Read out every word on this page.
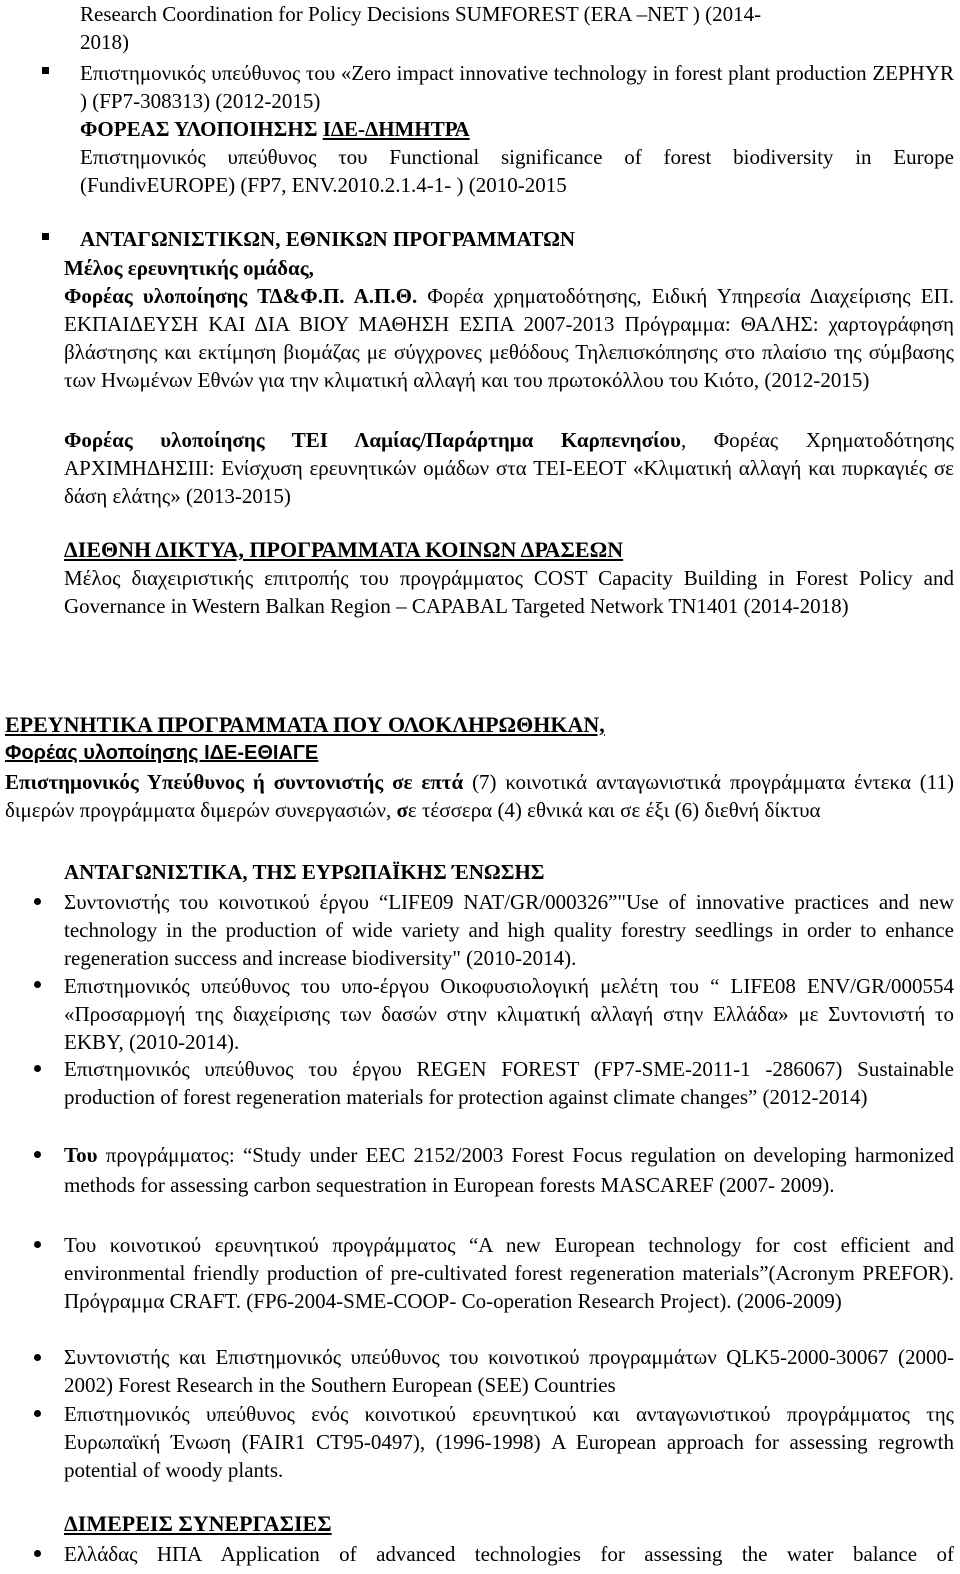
Research Coordination for Policy Decisions SUMFOREST (ERA –NET ) (2014-
2018)
Επιστημονικός υπεύθυνος του «Zero impact innovative technology in forest plant production ZEPHYR ) (FP7-308313) (2012-2015)
ΦΟΡΕΑΣ ΥΛΟΠΟΙΗΣΗΣ ΙΔΕ-ΔΗΜΗΤΡΑ
Επιστημονικός υπεύθυνος του Functional significance of forest biodiversity in Europe (FundivEUROPE) (FP7, ENV.2010.2.1.4-1- ) (2010-2015
ΑΝΤΑΓΩΝΙΣΤΙΚΩΝ, ΕΘΝΙΚΩΝ ΠΡΟΓΡΑΜΜΑΤΩΝ
Μέλος ερευνητικής ομάδας,
Φορέας υλοποίησης ΤΔ&Φ.Π. Α.Π.Θ. Φορέα χρηματοδότησης, Ειδική Υπηρεσία Διαχείρισης ΕΠ. ΕΚΠΑΙΔΕΥΣΗ ΚΑΙ ΔΙΑ ΒΙΟΥ ΜΑΘΗΣΗ ΕΣΠΑ 2007-2013 Πρόγραμμα: ΘΑΛΗΣ: χαρτογράφηση βλάστησης και εκτίμηση βιομάζας με σύγχρονες μεθόδους Τηλεπισκόπησης στο πλαίσιο της σύμβασης των Ηνωμένων Εθνών για την κλιματική αλλαγή και του πρωτοκόλλου του Κιότο, (2012-2015)
Φορέας υλοποίησης ΤΕΙ Λαμίας/Παράρτημα Καρπενησίου, Φορέας Χρηματοδότησης ΑΡΧΙΜΗΔΗΣΙΙΙ: Ενίσχυση ερευνητικών ομάδων στα ΤΕΙ-ΕΕΟΤ «Κλιματική αλλαγή και πυρκαγιές σε δάση ελάτης» (2013-2015)
ΔΙΕΘΝΗ ΔΙΚΤΥΑ, ΠΡΟΓΡΑΜΜΑΤΑ ΚΟΙΝΩΝ ΔΡΑΣΕΩΝ
Μέλος διαχειριστικής επιτροπής του προγράμματος COST Capacity Building in Forest Policy and Governance in Western Balkan Region – CAPABAL Targeted Network TN1401 (2014-2018)
ΕΡΕΥΝΗΤΙΚΑ ΠΡΟΓΡΑΜΜΑΤΑ ΠΟΥ ΟΛΟΚΛΗΡΩΘΗΚΑΝ,
Φορέας υλοποίησης ΙΔΕ-ΕΘΙΑΓΕ
Επιστημονικός Υπεύθυνος ή συντονιστής σε επτά (7) κοινοτικά ανταγωνιστικά προγράμματα έντεκα (11) διμερών προγράμματα διμερών συνεργασιών, σε τέσσερα (4) εθνικά και σε έξι (6) διεθνή δίκτυα
ΑΝΤΑΓΩΝΙΣΤΙΚΑ, ΤΗΣ ΕΥΡΩΠΑΪΚΗΣ ΈΝΩΣΗΣ
Συντονιστής του κοινοτικού έργου “LIFE09 NAT/GR/000326”"Use of innovative practices and new technology in the production of wide variety and high quality forestry seedlings in order to enhance regeneration success and increase biodiversity" (2010-2014).
Επιστημονικός υπεύθυνος του υπο-έργου Οικοφυσιολογική μελέτη του “ LIFE08 ENV/GR/000554 «Προσαρμογή της διαχείρισης των δασών στην κλιματική αλλαγή στην Ελλάδα» με Συντονιστή το ΕΚΒΥ, (2010-2014).
Επιστημονικός υπεύθυνος του έργου REGEN FOREST (FP7-SME-2011-1 -286067) Sustainable production of forest regeneration materials for protection against climate changes” (2012-2014)
Του προγράμματος: “Study under EEC 2152/2003 Forest Focus regulation on developing harmonized methods for assessing carbon sequestration in European forests MASCAREF (2007- 2009).
Του κοινοτικού ερευνητικού προγράμματος “A new European technology for cost efficient and environmental friendly production of pre-cultivated forest regeneration materials”(Acronym PREFOR). Πρόγραμμα CRAFT. (FP6-2004-SME-COOP- Co-operation Research Project). (2006-2009)
Συντονιστής και Επιστημονικός υπεύθυνος του κοινοτικού προγραμμάτων QLK5-2000-30067 (2000-2002) Forest Research in the Southern European (SEE) Countries
Επιστημονικός υπεύθυνος ενός κοινοτικού ερευνητικού και ανταγωνιστικού προγράμματος της Ευρωπαϊκή Ένωση (FAIR1 CT95-0497), (1996-1998) A European approach for assessing regrowth potential of woody plants.
ΔΙΜΕΡΕΙΣ ΣΥΝΕΡΓΑΣΙΕΣ
Ελλάδας ΗΠΑ Application of advanced technologies for assessing the water balance of
